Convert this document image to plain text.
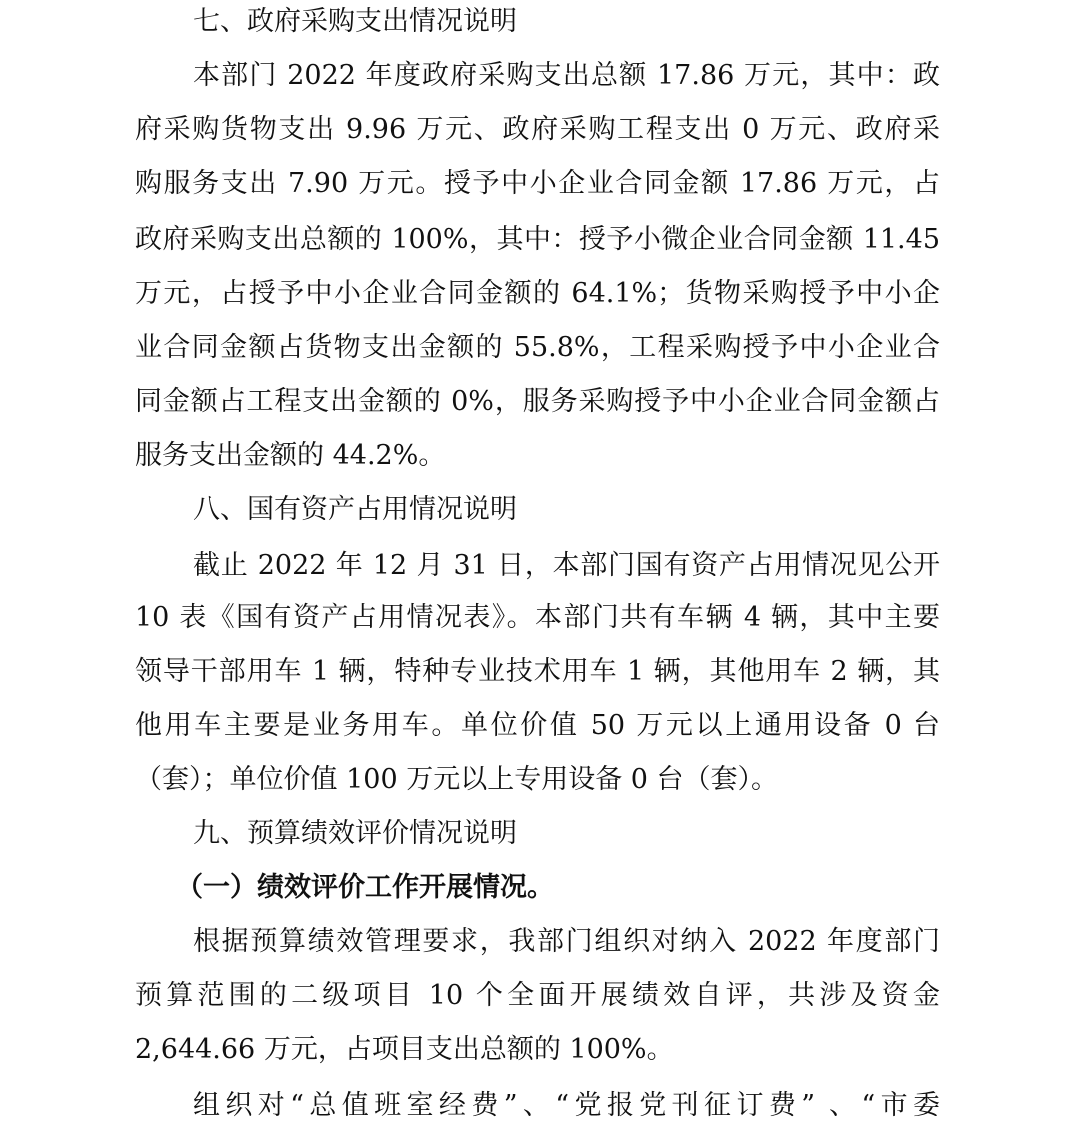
七、政府采购支出情况说明
本部门 2022 年度政府采购支出总额 17.86 万元，其中：政
府采购货物支出 9.96 万元、政府采购工程支出 0 万元、政府采
购服务支出 7.90 万元。授予中小企业合同金额 17.86 万元，占
政府采购支出总额的 100%，其中：授予小微企业合同金额 11.45
万元，占授予中小企业合同金额的 64.1%；货物采购授予中小企
业合同金额占货物支出金额的 55.8%，工程采购授予中小企业合
同金额占工程支出金额的 0%，服务采购授予中小企业合同金额占
服务支出金额的 44.2%。
八、国有资产占用情况说明
截止 2022 年 12 月 31 日，本部门国有资产占用情况见公开
10 表《国有资产占用情况表》。本部门共有车辆 4 辆，其中主要
领导干部用车 1 辆，特种专业技术用车 1 辆，其他用车 2 辆，其
他用车主要是业务用车。单位价值 50 万元以上通用设备 0 台
（套）；单位价值 100 万元以上专用设备 0 台（套）。
九、预算绩效评价情况说明
（一）绩效评价工作开展情况。
根据预算绩效管理要求，我部门组织对纳入 2022 年度部门
预算范围的二级项目 10 个全面开展绩效自评，共涉及资金
2,644.66 万元，占项目支出总额的 100%。
组织对“总值班室经费”、“党报党刊征订费” 、“市委
